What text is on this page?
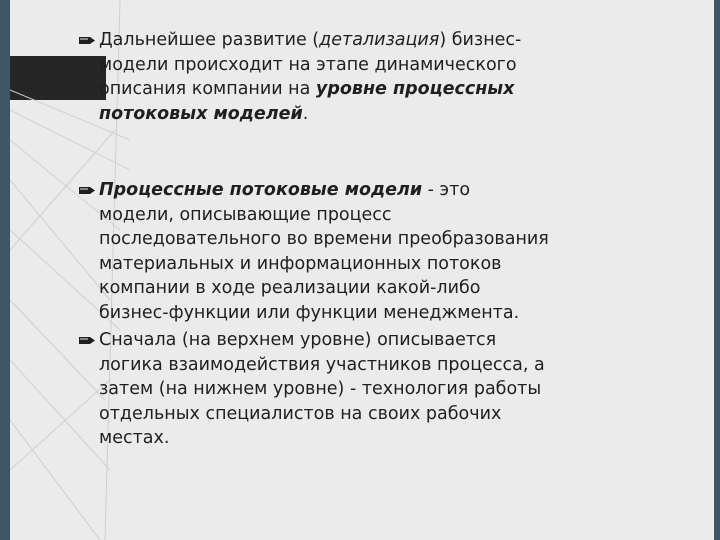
Дальнейшее развитие (детализация) бизнес-модели происходит на этапе динамического описания компании на уровне процессных потоковых моделей.
Процессные потоковые модели - это модели, описывающие процесс последовательного во времени преобразования материальных и информационных потоков компании в ходе реализации какой-либо бизнес-функции или функции менеджмента.
Сначала (на верхнем уровне) описывается логика взаимодействия участников процесса, а затем (на нижнем уровне) - технология работы отдельных специалистов на своих рабочих местах.
